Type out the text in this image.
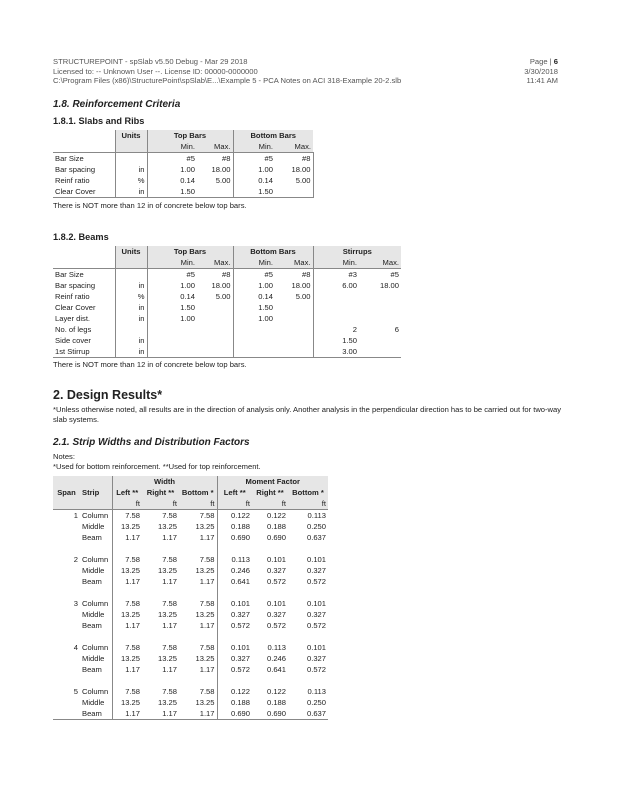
STRUCTUREPOINT - spSlab v5.50 Debug - Mar 29 2018
Licensed to: -- Unknown User --. License ID: 00000-0000000
C:\Program Files (x86)\StructurePoint\spSlab\E...\Example 5 - PCA Notes on ACI 318-Example 20-2.slb
Page | 6
3/30/2018
11:41 AM
1.8. Reinforcement Criteria
1.8.1. Slabs and Ribs
	Units	Top Bars		Bottom Bars	
		Min.	Max.	Min.	Max.
Bar Size		#5	#8	#5	#8
Bar spacing	in	1.00	18.00	1.00	18.00
Reinf ratio	%	0.14	5.00	0.14	5.00
Clear Cover	in	1.50		1.50	
There is NOT more than 12 in of concrete below top bars.
1.8.2. Beams
	Units	Top Bars		Bottom Bars		Stirrups	
		Min.	Max.	Min.	Max.	Min.	Max.
Bar Size		#5	#8	#5	#8	#3	#5
Bar spacing	in	1.00	18.00	1.00	18.00	6.00	18.00
Reinf ratio	%	0.14	5.00	0.14	5.00		
Clear Cover	in	1.50		1.50			
Layer dist.	in	1.00		1.00			
No. of legs						2	6
Side cover	in					1.50	
1st Stirrup	in					3.00	
There is NOT more than 12 in of concrete below top bars.
2. Design Results*
*Unless otherwise noted, all results are in the direction of analysis only. Another analysis in the perpendicular direction has to be carried out for two-way slab systems.
2.1. Strip Widths and Distribution Factors
Notes:
*Used for bottom reinforcement. **Used for top reinforcement.
		Width			Moment Factor		
Span	Strip	Left **	Right **	Bottom *	Left **	Right **	Bottom *
		ft	ft	ft	ft	ft	ft
1	Column	7.58	7.58	7.58	0.122	0.122	0.113
	Middle	13.25	13.25	13.25	0.188	0.188	0.250
	Beam	1.17	1.17	1.17	0.690	0.690	0.637

2	Column	7.58	7.58	7.58	0.113	0.101	0.101
	Middle	13.25	13.25	13.25	0.246	0.327	0.327
	Beam	1.17	1.17	1.17	0.641	0.572	0.572

3	Column	7.58	7.58	7.58	0.101	0.101	0.101
	Middle	13.25	13.25	13.25	0.327	0.327	0.327
	Beam	1.17	1.17	1.17	0.572	0.572	0.572

4	Column	7.58	7.58	7.58	0.101	0.113	0.101
	Middle	13.25	13.25	13.25	0.327	0.246	0.327
	Beam	1.17	1.17	1.17	0.572	0.641	0.572

5	Column	7.58	7.58	7.58	0.122	0.122	0.113
	Middle	13.25	13.25	13.25	0.188	0.188	0.250
	Beam	1.17	1.17	1.17	0.690	0.690	0.637
